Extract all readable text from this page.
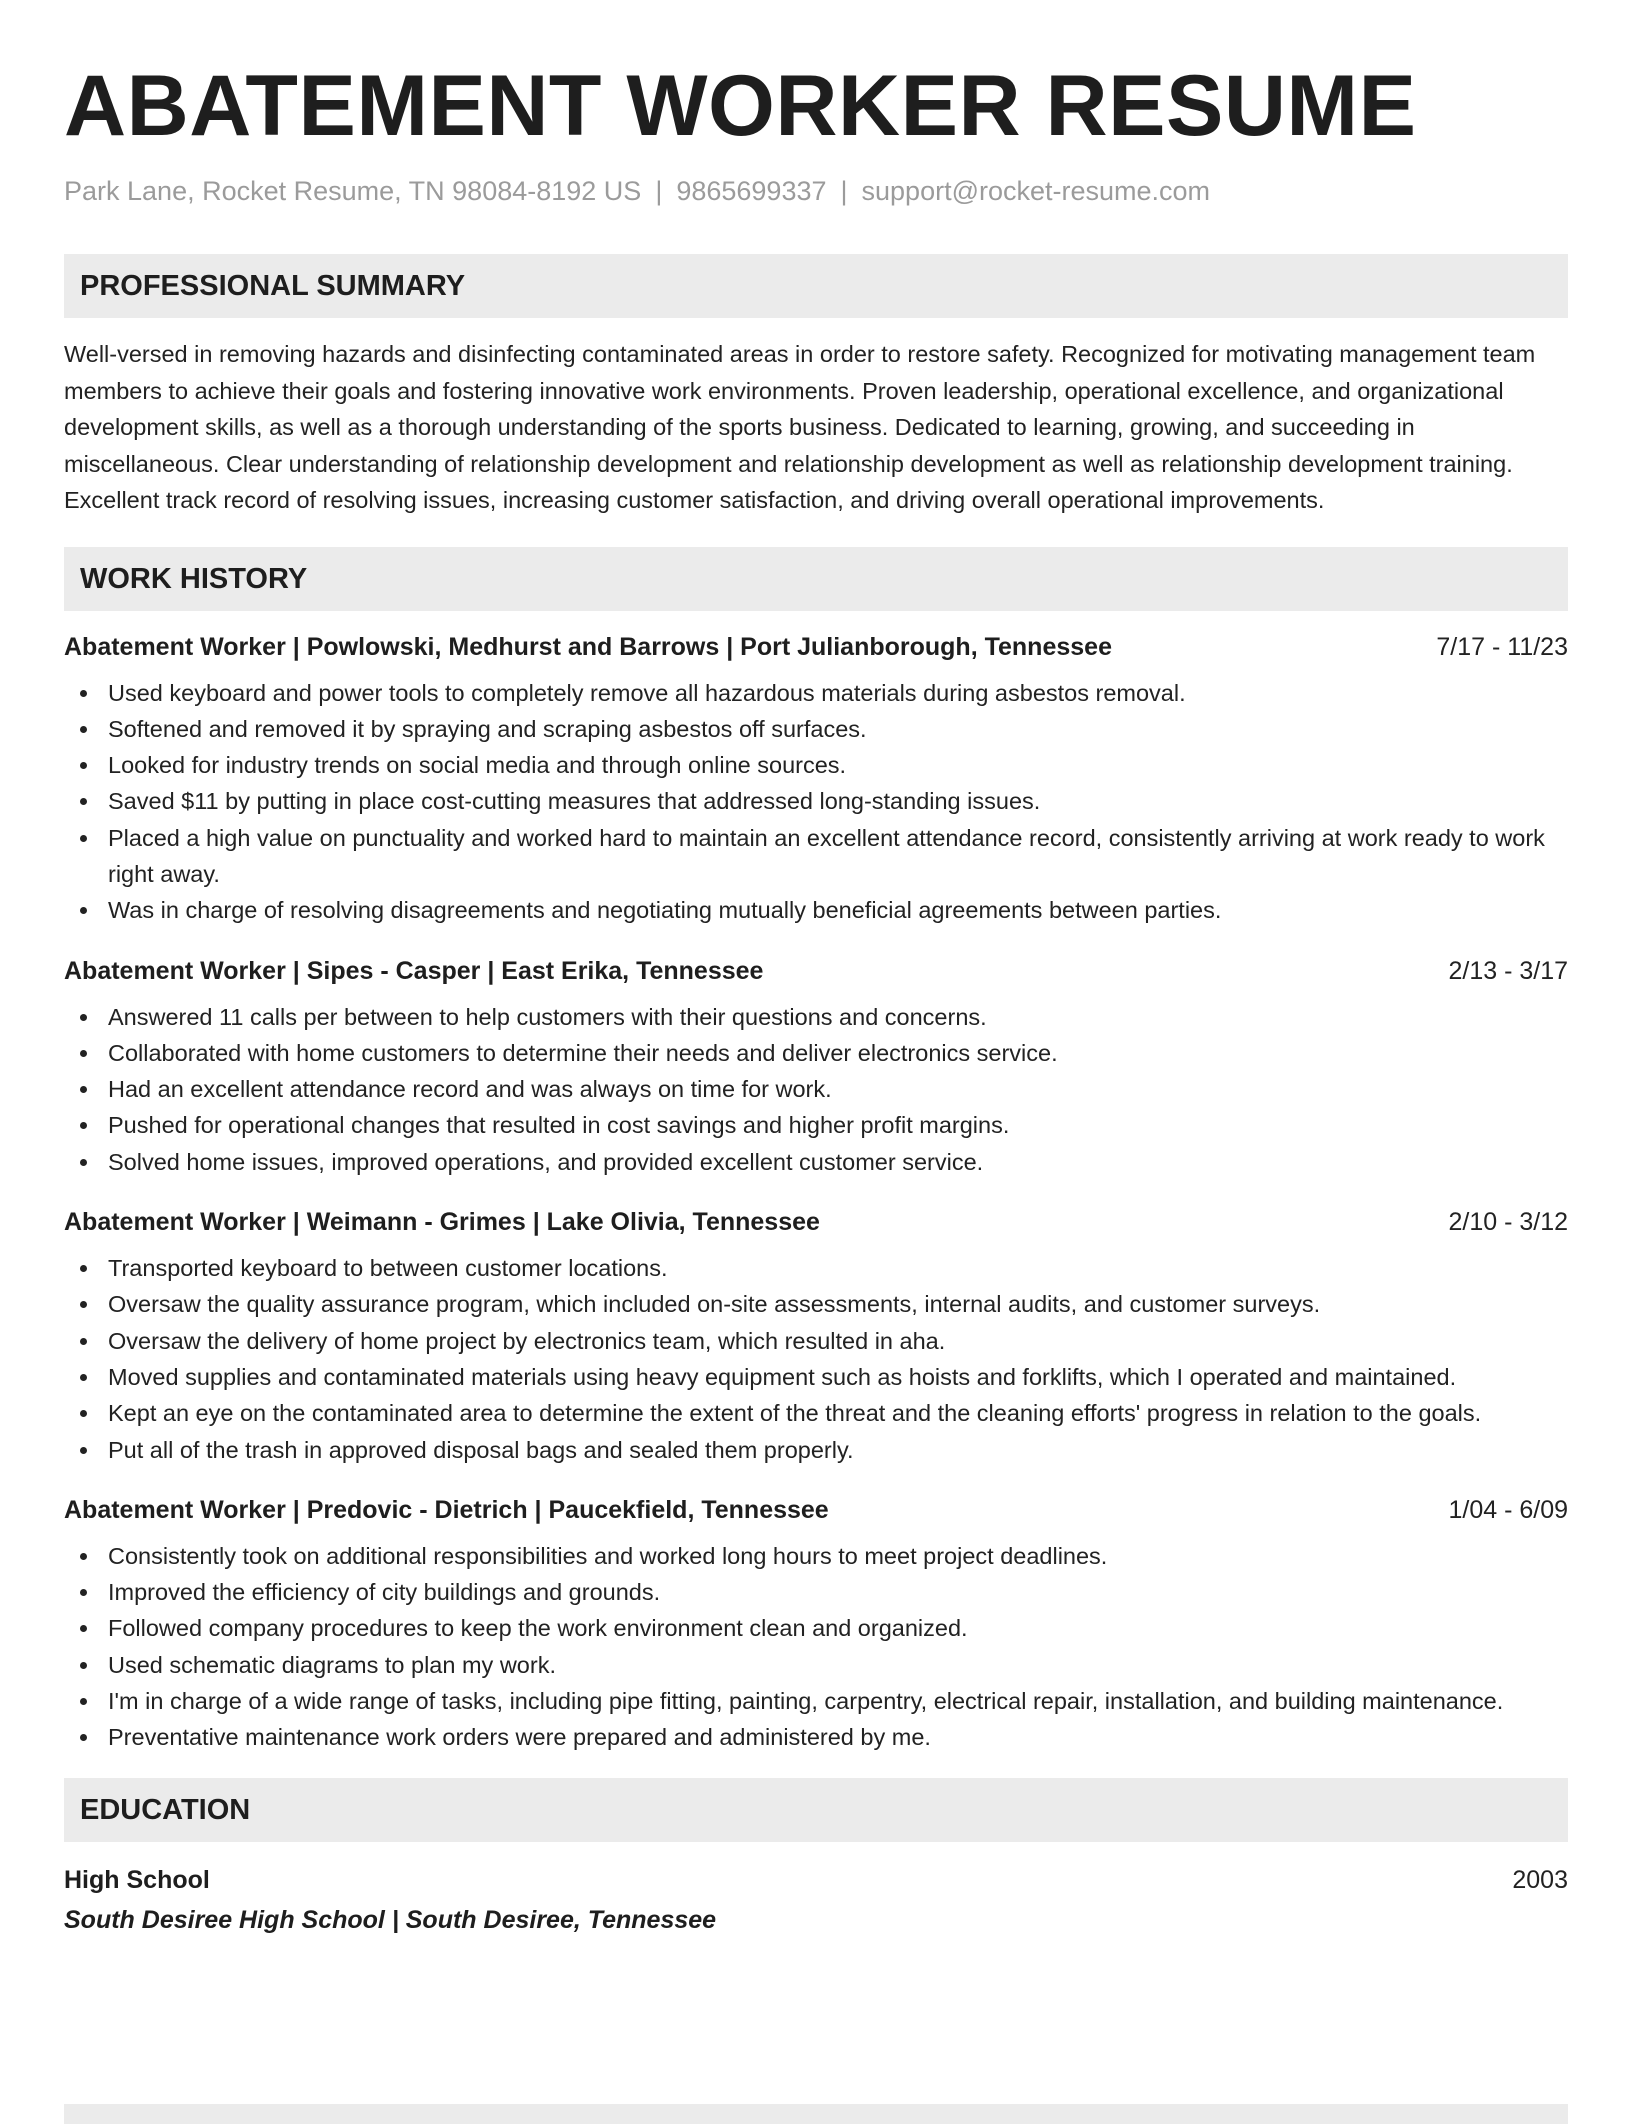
ABATEMENT WORKER RESUME
Park Lane, Rocket Resume, TN 98084-8192 US | 9865699337 | support@rocket-resume.com
PROFESSIONAL SUMMARY

Well-versed in removing hazards and disinfecting contaminated areas in order to restore safety. Recognized for motivating management team members to achieve their goals and fostering innovative work environments. Proven leadership, operational excellence, and organizational development skills, as well as a thorough understanding of the sports business. Dedicated to learning, growing, and succeeding in miscellaneous. Clear understanding of relationship development and relationship development as well as relationship development training. Excellent track record of resolving issues, increasing customer satisfaction, and driving overall operational improvements.

WORK HISTORY
Abatement Worker | Powlowski, Medhurst and Barrows | Port Julianborough, Tennessee	7/17 - 11/23
Used keyboard and power tools to completely remove all hazardous materials during asbestos removal.
Softened and removed it by spraying and scraping asbestos off surfaces.
Looked for industry trends on social media and through online sources.
Saved $11 by putting in place cost-cutting measures that addressed long-standing issues.
Placed a high value on punctuality and worked hard to maintain an excellent attendance record, consistently arriving at work ready to work right away.
Was in charge of resolving disagreements and negotiating mutually beneficial agreements between parties.
Abatement Worker | Sipes - Casper | East Erika, Tennessee	2/13 - 3/17
Answered 11 calls per between to help customers with their questions and concerns.
Collaborated with home customers to determine their needs and deliver electronics service.
Had an excellent attendance record and was always on time for work.
Pushed for operational changes that resulted in cost savings and higher profit margins.
Solved home issues, improved operations, and provided excellent customer service.
Abatement Worker | Weimann - Grimes | Lake Olivia, Tennessee	2/10 - 3/12
Transported keyboard to between customer locations.
Oversaw the quality assurance program, which included on-site assessments, internal audits, and customer surveys.
Oversaw the delivery of home project by electronics team, which resulted in aha.
Moved supplies and contaminated materials using heavy equipment such as hoists and forklifts, which I operated and maintained.
Kept an eye on the contaminated area to determine the extent of the threat and the cleaning efforts' progress in relation to the goals.
Put all of the trash in approved disposal bags and sealed them properly.
Abatement Worker | Predovic - Dietrich | Paucekfield, Tennessee	1/04 - 6/09
Consistently took on additional responsibilities and worked long hours to meet project deadlines.
Improved the efficiency of city buildings and grounds.
Followed company procedures to keep the work environment clean and organized.
Used schematic diagrams to plan my work.
I'm in charge of a wide range of tasks, including pipe fitting, painting, carpentry, electrical repair, installation, and building maintenance.
Preventative maintenance work orders were prepared and administered by me.
EDUCATION
High School	2003
South Desiree High School | South Desiree, Tennessee
